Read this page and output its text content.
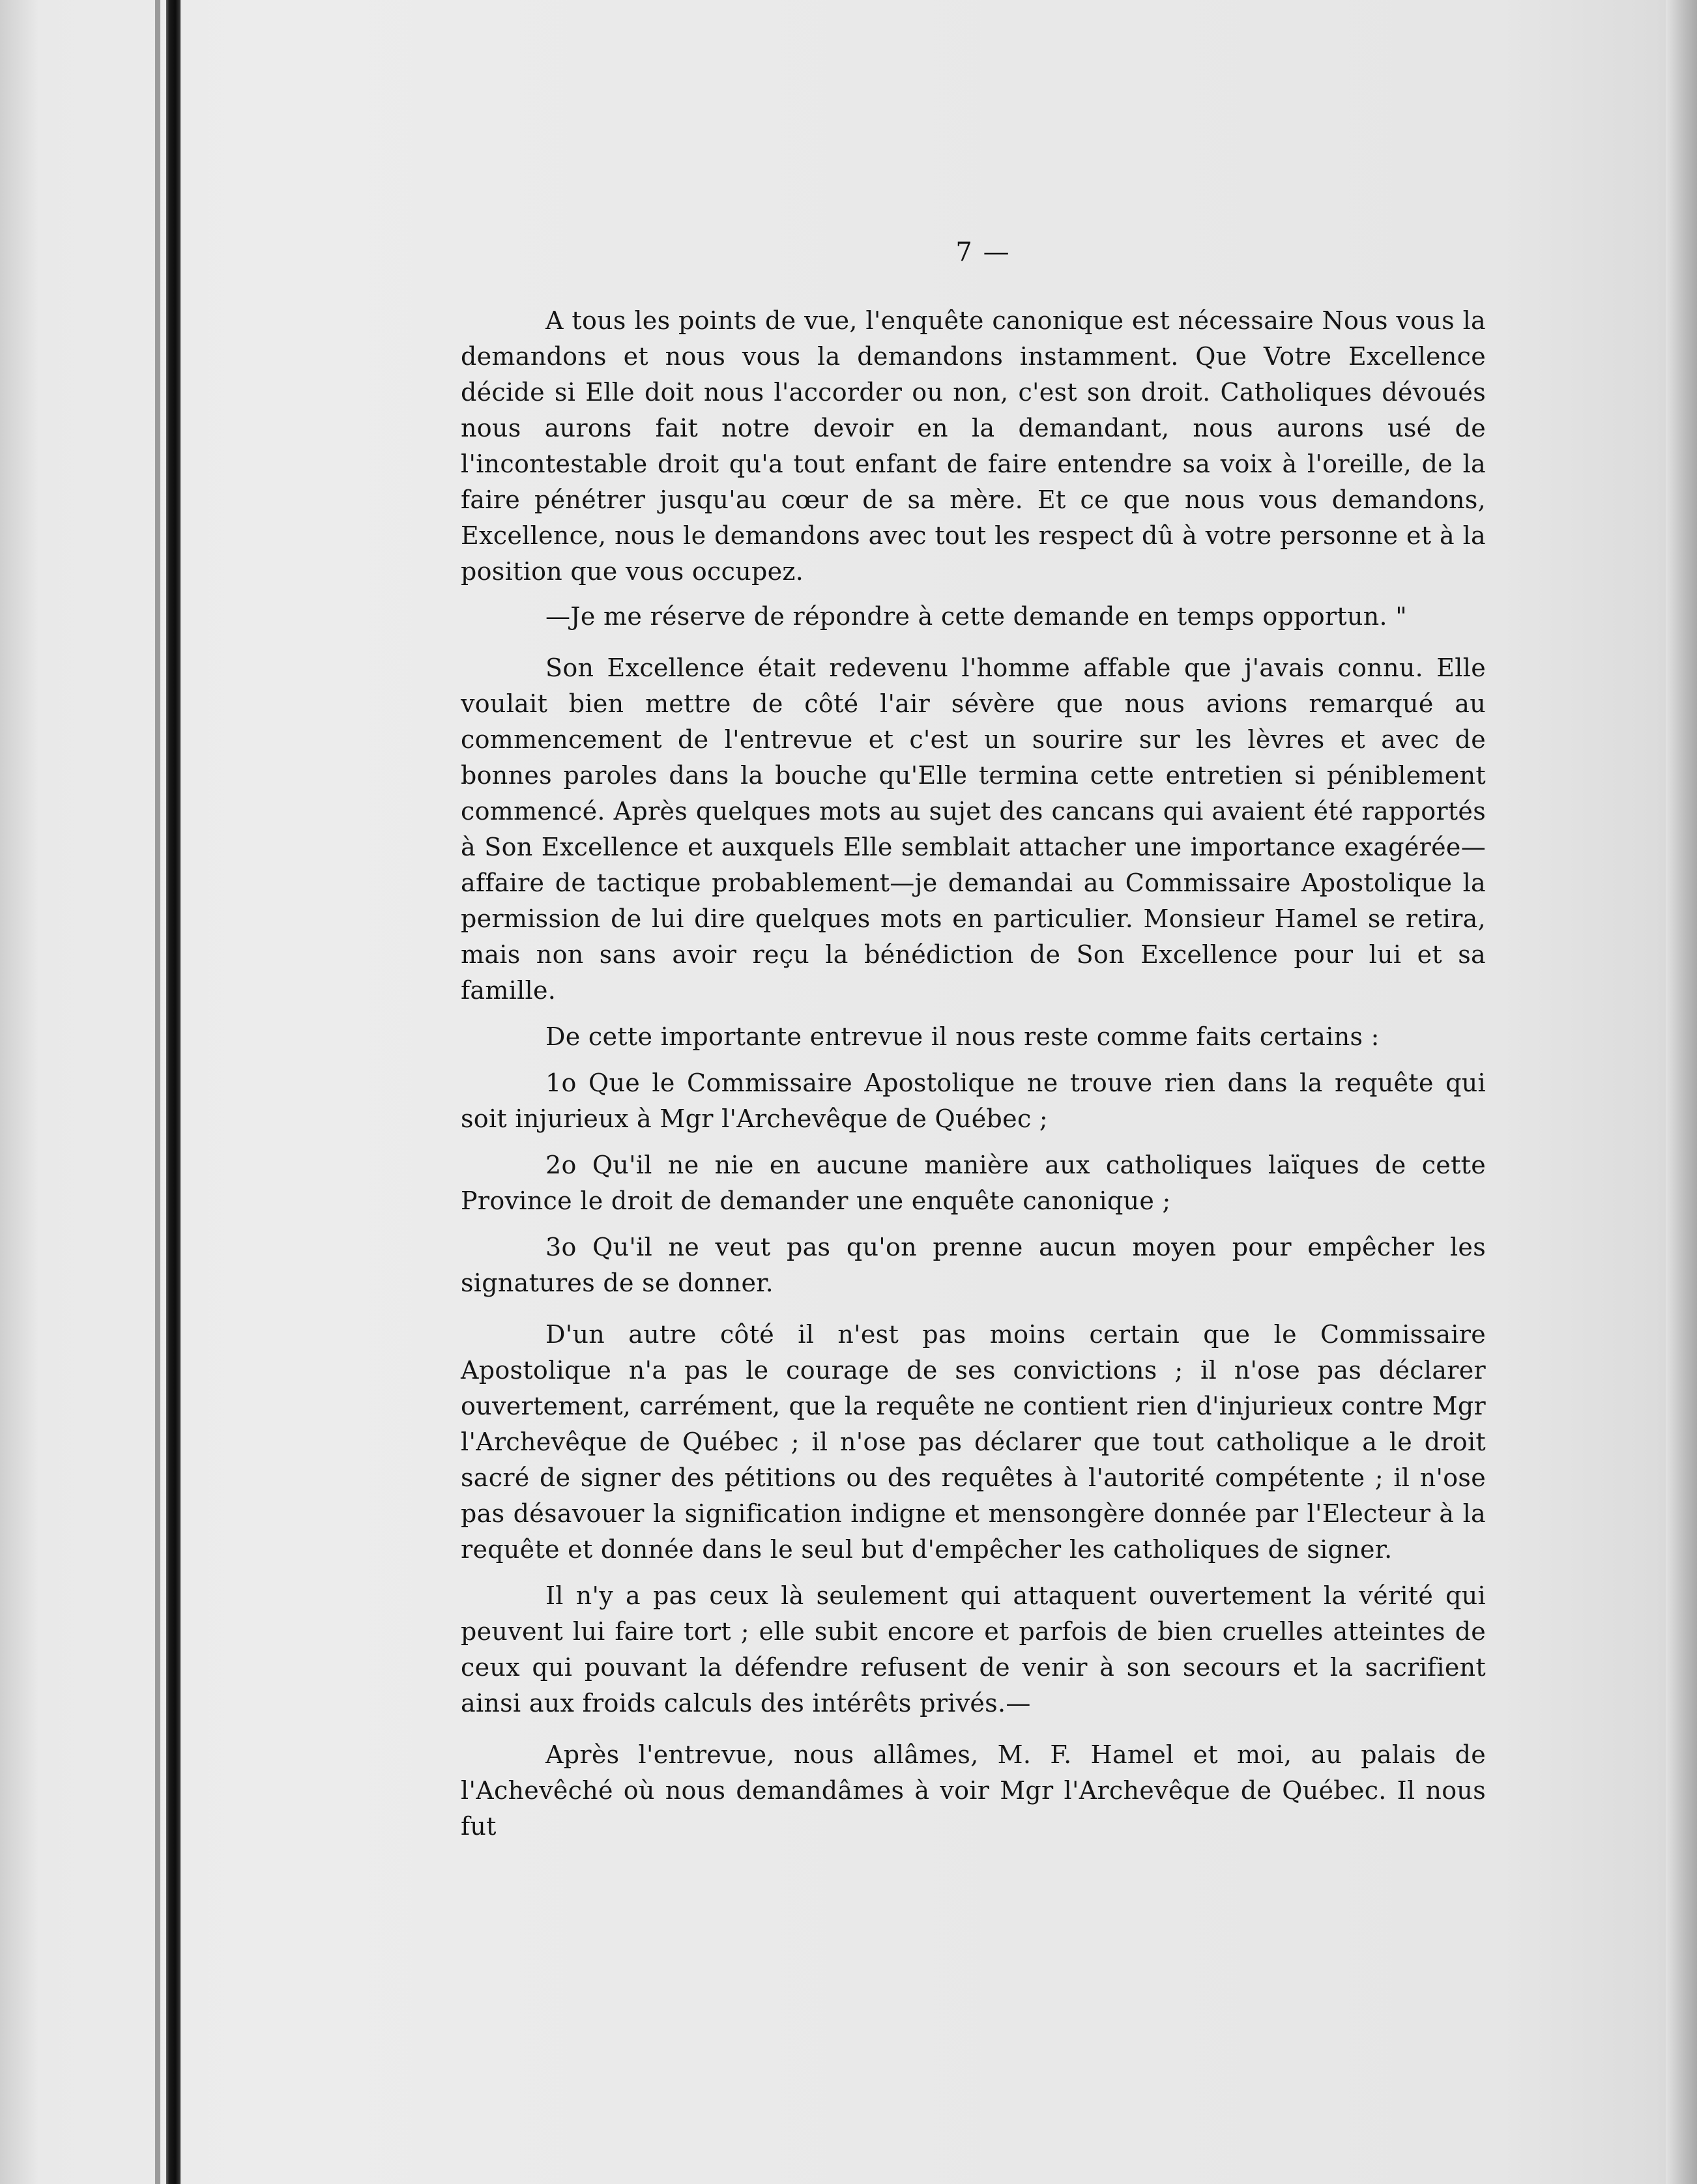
7 —

A tous les points de vue, l'enquête canonique est nécessaire Nous vous la demandons et nous vous la demandons instamment. Que Votre Excellence décide si Elle doit nous l'accorder ou non, c'est son droit. Catholiques dévoués nous aurons fait notre devoir en la demandant, nous aurons usé de l'incontestable droit qu'a tout enfant de faire entendre sa voix à l'oreille, de la faire pénétrer jusqu'au cœur de sa mère. Et ce que nous vous demandons, Excellence, nous le demandons avec tout les respect dû à votre personne et à la position que vous occupez.

—Je me réserve de répondre à cette demande en temps opportun. "

Son Excellence était redevenu l'homme affable que j'avais connu. Elle voulait bien mettre de côté l'air sévère que nous avions remarqué au commencement de l'entrevue et c'est un sourire sur les lèvres et avec de bonnes paroles dans la bouche qu'Elle termina cette entretien si péniblement commencé. Après quelques mots au sujet des cancans qui avaient été rapportés à Son Excellence et auxquels Elle semblait attacher une importance exagérée—affaire de tactique probablement—je demandai au Commissaire Apostolique la permission de lui dire quelques mots en particulier. Monsieur Hamel se retira, mais non sans avoir reçu la bénédiction de Son Excellence pour lui et sa famille.

De cette importante entrevue il nous reste comme faits certains :

1o Que le Commissaire Apostolique ne trouve rien dans la requête qui soit injurieux à Mgr l'Archevêque de Québec ;

2o Qu'il ne nie en aucune manière aux catholiques laïques de cette Province le droit de demander une enquête canonique ;

3o Qu'il ne veut pas qu'on prenne aucun moyen pour empêcher les signatures de se donner.

D'un autre côté il n'est pas moins certain que le Commissaire Apostolique n'a pas le courage de ses convictions ; il n'ose pas déclarer ouvertement, carrément, que la requête ne contient rien d'injurieux contre Mgr l'Archevêque de Québec ; il n'ose pas déclarer que tout catholique a le droit sacré de signer des pétitions ou des requêtes à l'autorité compétente ; il n'ose pas désavouer la signification indigne et mensongère donnée par l'Electeur à la requête et donnée dans le seul but d'empêcher les catholiques de signer.

Il n'y a pas ceux là seulement qui attaquent ouvertement la vérité qui peuvent lui faire tort ; elle subit encore et parfois de bien cruelles atteintes de ceux qui pouvant la défendre refusent de venir à son secours et la sacrifient ainsi aux froids calculs des intérêts privés.—

Après l'entrevue, nous allâmes, M. F. Hamel et moi, au palais de l'Achevêché où nous demandâmes à voir Mgr l'Archevêque de Québec. Il nous fut
